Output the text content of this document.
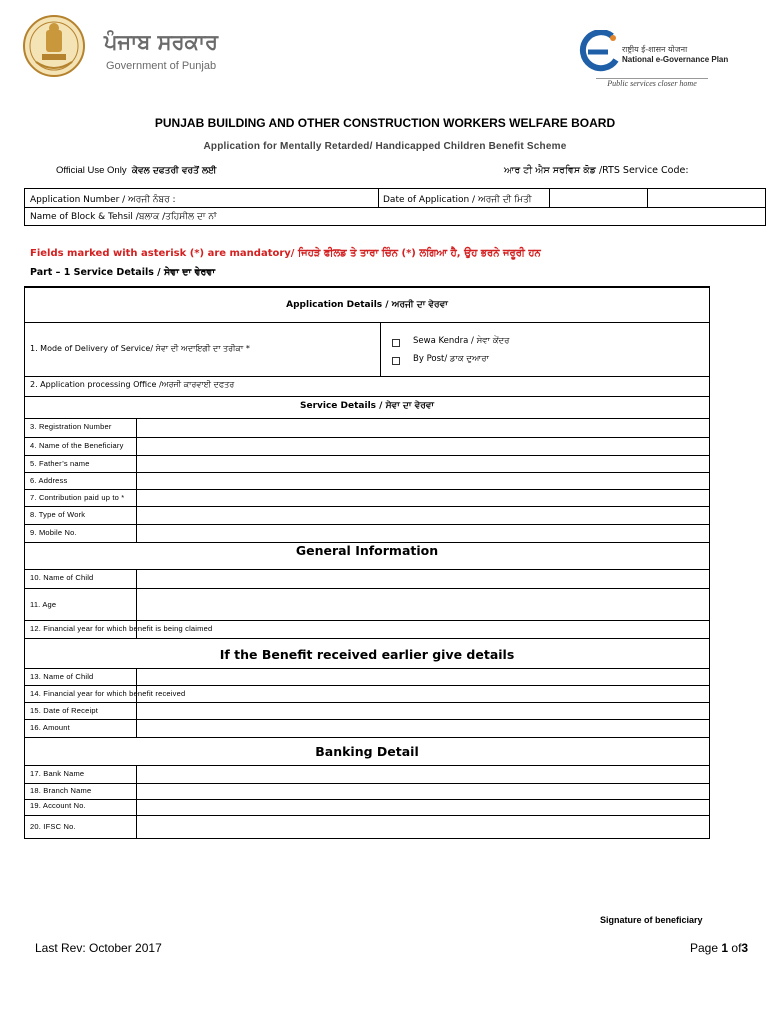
ਪੰਜਾਬ ਸਰਕਾਰ
Government of Punjab
राष्ट्रीय ई-शासन योजना
National e-Governance Plan
Public services closer home
PUNJAB BUILDING AND OTHER CONSTRUCTION WORKERS WELFARE BOARD
Application for Mentally Retarded/ Handicapped Children Benefit Scheme
Official Use Only ਕੇਵਲ ਦਫਤਰੀ ਵਰਤੋਂ ਲਈ	ਆਰ ਟੀ ਐਸ ਸਰਵਿਸ ਕੋਡ /RTS Service Code:
Application Number / ਅਰਜੀ ਨੰਬਰ :	Date of Application / ਅਰਜੀ ਦੀ ਮਿਤੀ
Name of Block & Tehsil /ਬਲਾਕ /ਤਹਿਸੀਲ ਦਾ ਨਾਂ
Fields marked with asterisk (*) are mandatory/ ਜਿਹੜੇ ਫੀਲਡ ਤੇ ਤਾਰਾ ਚਿੰਨ (*) ਲਗਿਆ ਹੈ, ਉਹ ਭਰਨੇ ਜਰੂਰੀ ਹਨ
Part – 1 Service Details / ਸੇਵਾ ਦਾ ਵੇਰਵਾ
Application Details / ਅਰਜੀ ਦਾ ਵੇਰਵਾ
1. Mode of Delivery of Service/ ਸੇਵਾ ਦੀ ਅਦਾਇਗੀ ਦਾ ਤਰੀਕਾ *
Sewa Kendra / ਸੇਵਾ ਕੇਂਦਰ
By Post/ ਡਾਕ ਦੁਆਰਾ
2. Application processing Office /ਅਰਜੀ ਕਾਰਵਾਈ ਦਫਤਰ
Service Details / ਸੇਵਾ ਦਾ ਵੇਰਵਾ
3. Registration Number
4. Name of the Beneficiary
5. Father’s name
6. Address
7. Contribution paid up to *
8. Type of Work
9. Mobile No.
General Information
10. Name of Child
11. Age
12. Financial year for which benefit is being claimed
If the Benefit received earlier give details
13. Name of Child
14. Financial year for which benefit received
15. Date of Receipt
16. Amount
Banking Detail
17. Bank Name
18. Branch Name
19. Account No.
20. IFSC No.
Signature of beneficiary
Last Rev: October 2017	Page 1 of3
